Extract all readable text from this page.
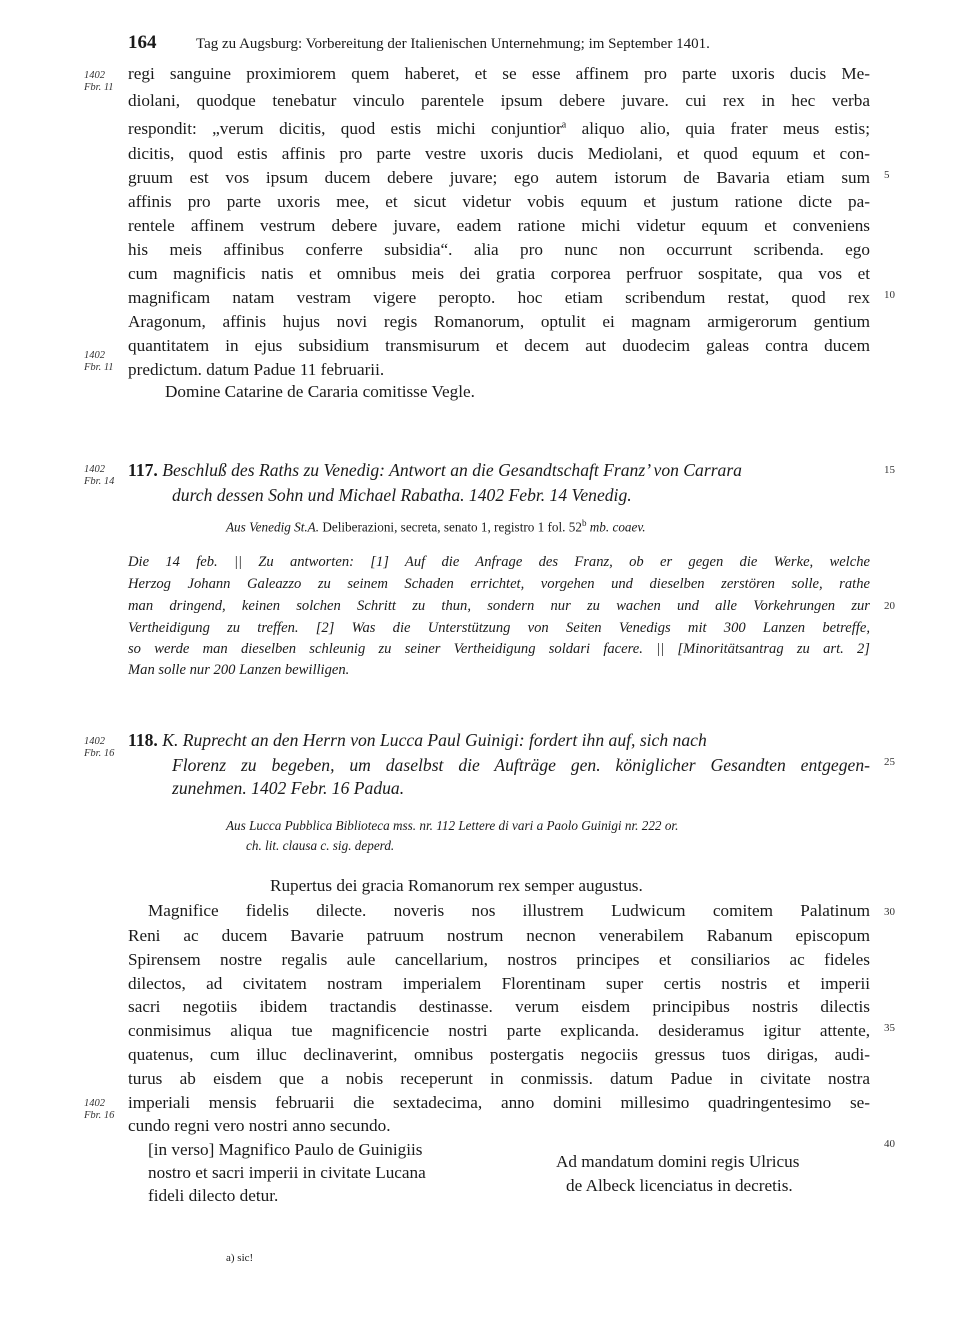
164	Tag zu Augsburg: Vorbereitung der Italienischen Unternehmung; im September 1401.
1402
Fbr. 11
1402
Fbr. 11
1402
Fbr. 14
1402
Fbr. 16
1402
Fbr. 16
5
10
15
20
25
30
35
40
regi sanguine proximiorem quem haberet, et se esse affinem pro parte uxoris ducis Me-
diolani, quodque tenebatur vinculo parentele ipsum debere juvare. cui rex in hec verba
respondit: „verum dicitis, quod estis michi conjuntior$^a$ aliquo alio, quia frater meus estis;
dicitis, quod estis affinis pro parte vestre uxoris ducis Mediolani, et quod equum et con-
gruum est vos ipsum ducem debere juvare; ego autem istorum de Bavaria etiam sum
affinis pro parte uxoris mee, et sicut videtur vobis equum et justum ratione dicte pa-
rentele affinem vestrum debere juvare, eadem ratione michi videtur equum et conveniens
his meis affinibus conferre subsidia“. alia pro nunc non occurrunt scribenda. ego
cum magnificis natis et omnibus meis dei gratia corporea perfruor sospitate, qua vos et
magnificam natam vestram vigere peropto. hoc etiam scribendum restat, quod rex
Aragonum, affinis hujus novi regis Romanorum, optulit ei magnam armigerorum gentium
quantitatem in ejus subsidium transmisurum et decem aut duodecim galeas contra ducem
predictum. datum Padue 11 februarii.
Domine Catarine de Cararia comitisse Vegle.
117. Beschluß des Raths zu Venedig: Antwort an die Gesandtschaft Franz’ von Carrara
durch dessen Sohn und Michael Rabatha. 1402 Febr. 14 Venedig.
Aus Venedig St.A. Deliberazioni, secreta, senato 1, registro 1 fol. 52$^b$ mb. coaev.
Die 14 feb. || Zu antworten: [1] Auf die Anfrage des Franz, ob er gegen die Werke, welche
Herzog Johann Galeazzo zu seinem Schaden errichtet, vorgehen und dieselben zerstören solle, rathe
man dringend, keinen solchen Schritt zu thun, sondern nur zu wachen und alle Vorkehrungen zur
Vertheidigung zu treffen. [2] Was die Unterstützung von Seiten Venedigs mit 300 Lanzen betreffe,
so werde man dieselben schleunig zu seiner Vertheidigung soldari facere. || [Minoritätsantrag zu art. 2]
Man solle nur 200 Lanzen bewilligen.
118. K. Ruprecht an den Herrn von Lucca Paul Guinigi: fordert ihn auf, sich nach
Florenz zu begeben, um daselbst die Aufträge gen. königlicher Gesandten entgegen-
zunehmen. 1402 Febr. 16 Padua.
Aus Lucca Pubblica Biblioteca mss. nr. 112 Lettere di vari a Paolo Guinigi nr. 222 or.
ch. lit. clausa c. sig. deperd.
Rupertus dei gracia Romanorum rex semper augustus.
Magnifice fidelis dilecte. noveris nos illustrem Ludwicum comitem Palatinum
Reni ac ducem Bavarie patruum nostrum necnon venerabilem Rabanum episcopum
Spirensem nostre regalis aule cancellarium, nostros principes et consiliarios ac fideles
dilectos, ad civitatem nostram imperialem Florentinam super certis nostris et imperii
sacri negotiis ibidem tractandis destinasse. verum eisdem principibus nostris dilectis
conmisimus aliqua tue magnificencie nostri parte explicanda. desideramus igitur attente,
quatenus, cum illuc declinaverint, omnibus postergatis negociis gressus tuos dirigas, audi-
turus ab eisdem que a nobis receperunt in conmissis. datum Padue in civitate nostra
imperiali mensis februarii die sextadecima, anno domini millesimo quadringentesimo se-
cundo regni vero nostri anno secundo.
[in verso] Magnifico Paulo de Guinigiis
nostro et sacri imperii in civitate Lucana
fideli dilecto detur.
Ad mandatum domini regis Ulricus
de Albeck licenciatus in decretis.
a) sic!
